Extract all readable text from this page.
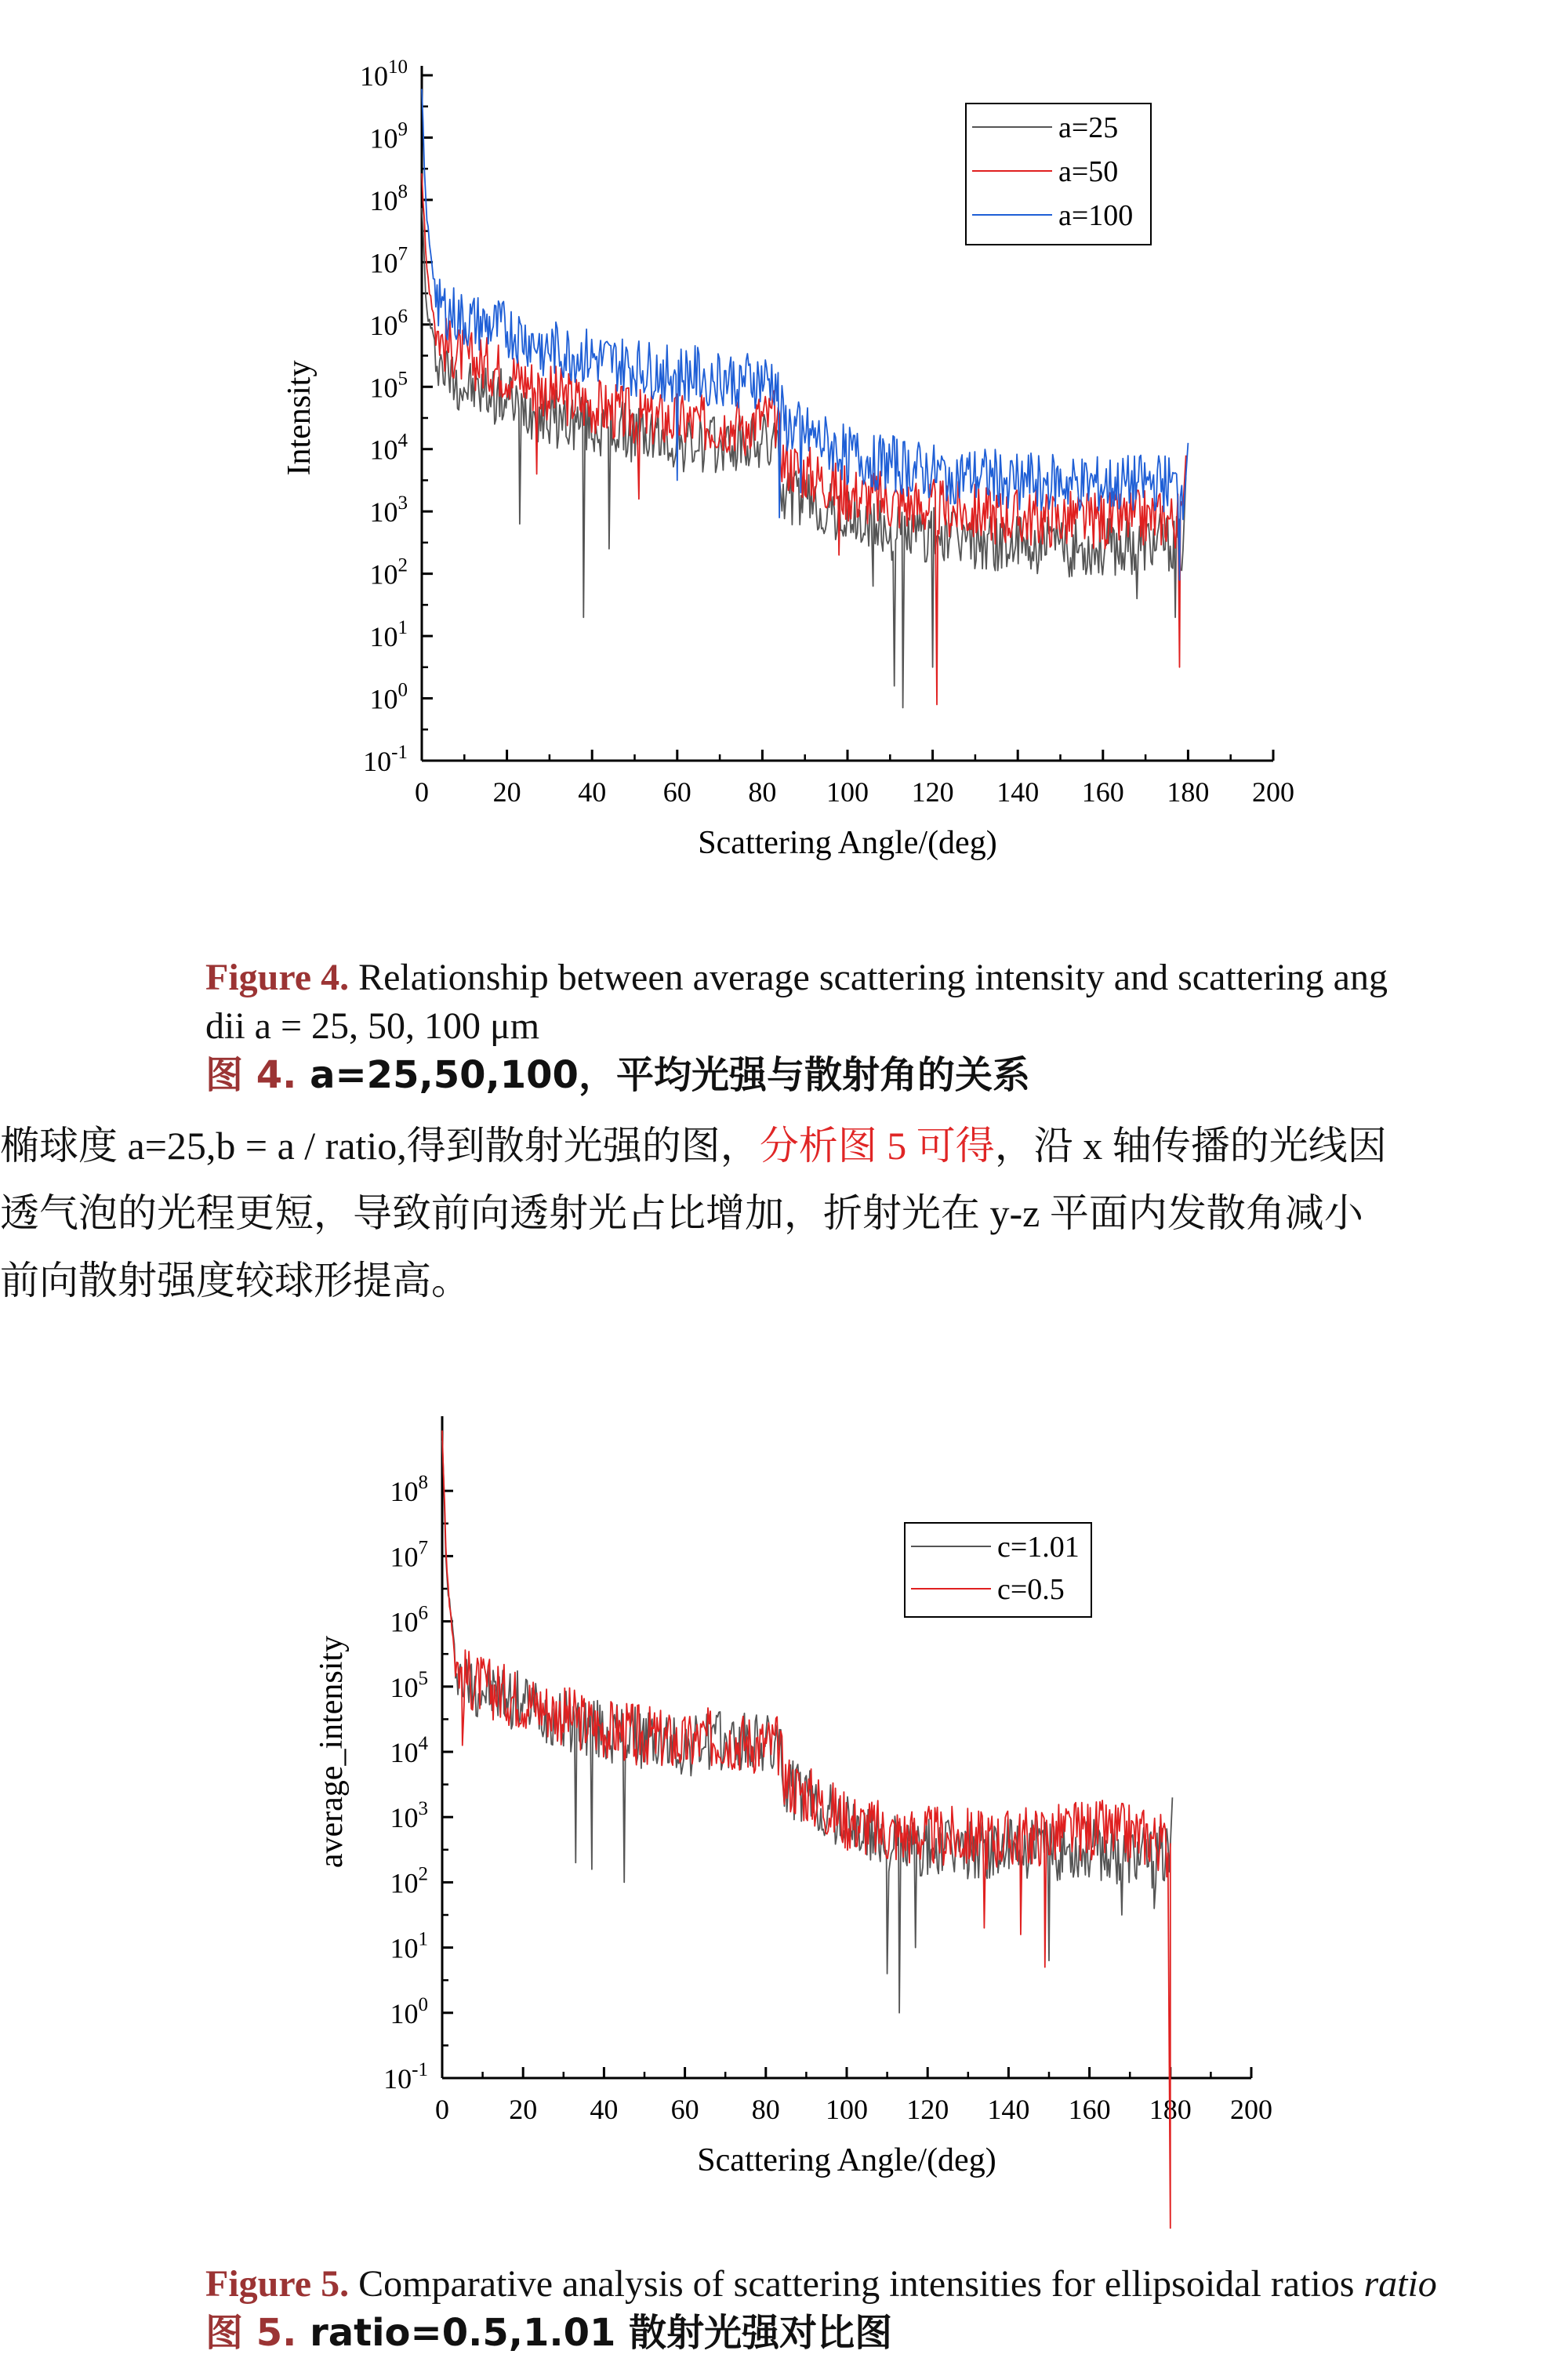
0 20 40 60 80 100 120 140 160 180 200
$10^{-1}$
$10^0$
$10^1$
$10^2$
$10^3$
$10^4$
$10^5$
$10^6$
$10^7$
$10^8$
$10^9$
$10^{10}$
Scattering Angle/(deg)
Intensity
a=25
a=50
a=100
Figure 4. Relationship between average scattering intensity and scattering ang
dii a = 25, 50, 100 μm
图 4. a=25,50,100，平均光强与散射角的关系
椭球度 a=25,b = a / ratio,得到散射光强的图，分析图 5 可得，沿 x 轴传播的光线因
透气泡的光程更短，导致前向透射光占比增加，折射光在 y-z 平面内发散角减小
前向散射强度较球形提高。
0 20 40 60 80 100 120 140 160 180 200
$10^{-1}$
$10^0$
$10^1$
$10^2$
$10^3$
$10^4$
$10^5$
$10^6$
$10^7$
$10^8$
Scattering Angle/(deg)
average_intensity
c=1.01
c=0.5
Figure 5. Comparative analysis of scattering intensities for ellipsoidal ratios ratio
图 5. ratio=0.5,1.01 散射光强对比图
